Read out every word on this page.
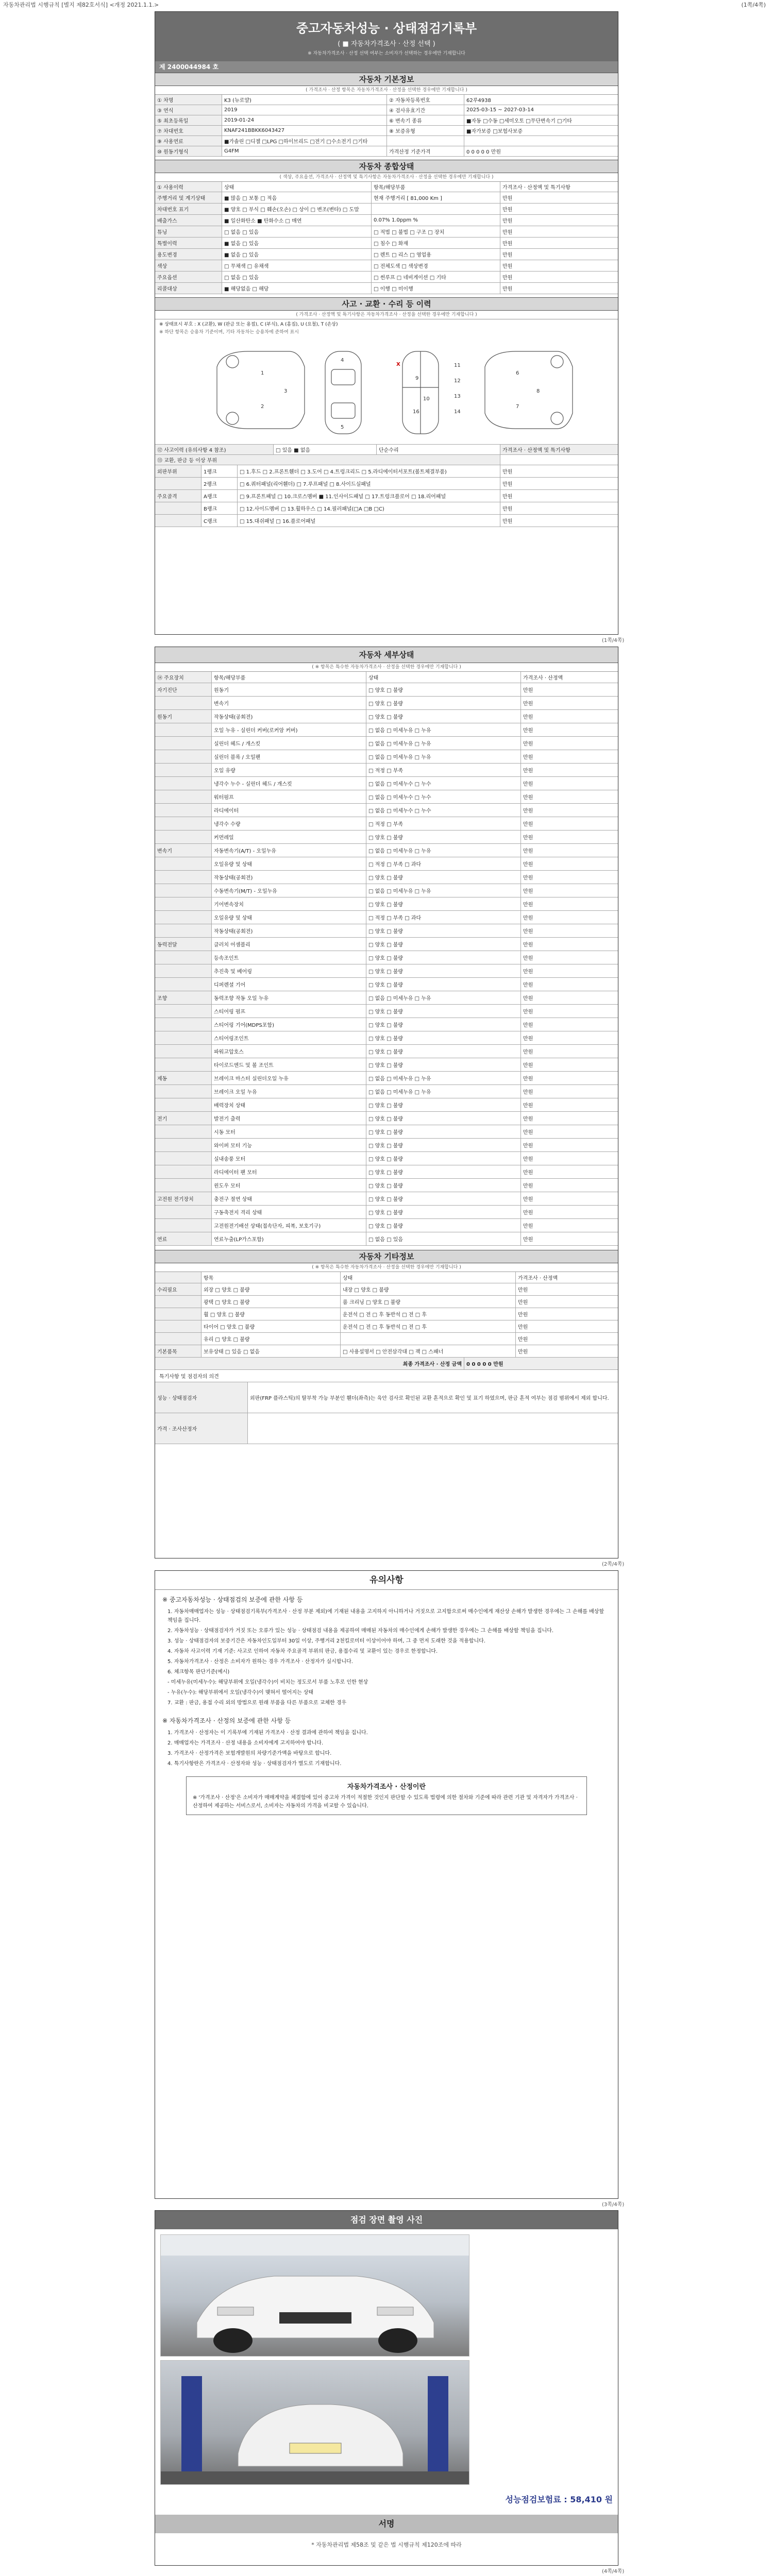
자동차관리법 시행규칙 [별지 제82호서식] <개정 2021.1.1.>	(1쪽/4쪽)
중고자동차성능 · 상태점검기록부
( ■ 자동차가격조사 · 산정 선택 )
※ 자동차가격조사 · 산정 선택 여부는 소비자가 선택하는 경우에만 기재합니다
제 2400044984 호
자동차 기본정보
( 가격조사 · 산정 항목은 자동차가격조사 · 산정을 선택한 경우에만 기재합니다 )
① 차명	K3 (뉴로얄)	② 자동차등록번호	62루4938
③ 연식	2019	④ 검사유효기간	2025-03-15 ~ 2027-03-14
⑤ 최초등록일	2019-01-24	⑥ 변속기 종류	■자동 □수동 □세미오토 □무단변속기 □기타
⑦ 차대번호	KNAF241BBKK6043427	⑧ 보증유형	■자가보증 □보험사보증
⑨ 사용연료	■가솔린 □디젤 □LPG □하이브리드 □전기 □수소전기 □기타
⑩ 원동기형식	G4FM	가격산정 기준가격	0 0 0 0 0 만원
자동차 종합상태
( 색상, 주요옵션, 가격조사 · 산정액 및 특기사항은 자동차가격조사 · 산정을 선택한 경우에만 기재합니다 )
① 사용이력	상태	항목/해당부품	가격조사 · 산정액 및 특기사항
주행거리 및 계기상태	■ 많음 □ 보통 □ 적음	현재 주행거리 [ 81,000 Km ]	만원
차대번호 표기	■ 양호 □ 부식 □ 훼손(오손) □ 상이 □ 변조(변타) □ 도말	만원
배출가스	■ 일산화탄소 ■ 탄화수소 □ 매연	0.07% 1.0ppm %	만원
튜닝	□ 없음 □ 있음	□ 적법 □ 불법 □ 구조 □ 장치	만원
특별이력	■ 없음 □ 있음	□ 침수 □ 화재	만원
용도변경	■ 없음 □ 있음	□ 렌트 □ 리스 □ 영업용	만원
색상	□ 무채색 □ 유채색	□ 전체도색 □ 색상변경	만원
주요옵션	□ 없음 □ 있음	□ 썬루프 □ 네비게이션 □ 기타	만원
리콜대상	■ 해당없음 □ 해당	□ 이행 □ 미이행	만원
사고 · 교환 · 수리 등 이력
( 가격조사 · 산정액 및 특기사항은 자동차가격조사 · 산정을 선택한 경우에만 기재합니다 )
※ 상태표시 부호 : X (교환), W (판금 또는 용접), C (부식), A (흠집), U (요철), T (손상)
※ 하단 항목은 승용차 기준이며, 기타 자동차는 승용차에 준하여 표시
1
2
3
4
5
9
10
16
6
7
8
11
12
13
14
X
⑫ 사고이력 (유의사항 4 참조)	□ 있음 ■ 없음	단순수리	가격조사 · 산정액 및 특기사항
⑬ 교환, 판금 등 이상 부위
외판부위	1랭크	□ 1.후드 □ 2.프론트휀더 □ 3.도어 □ 4.트렁크리드 □ 5.라디에이터서포트(볼트체결부품)	만원
2랭크	□ 6.쿼터패널(리어휀더) □ 7.루프패널 □ 8.사이드실패널	만원
주요골격	A랭크	□ 9.프론트패널 □ 10.크로스멤버 ■ 11.인사이드패널 □ 17.트렁크플로어 □ 18.리어패널	만원
B랭크	□ 12.사이드멤버 □ 13.휠하우스 □ 14.필러패널(□A □B □C)	만원
C랭크	□ 15.대쉬패널 □ 16.플로어패널	만원
(1쪽/4쪽)
자동차 세부상태
( ※ 항목은 특수한 자동차가격조사 · 산정을 선택한 경우에만 기재합니다 )
⑭ 주요장치	항목/해당부품	상태	가격조사 · 산정액
자기진단	원동기	□ 양호 □ 불량	만원
변속기	□ 양호 □ 불량	만원
원동기	작동상태(공회전)	□ 양호 □ 불량	만원
오일 누유 - 실린더 커버(로커암 커버)	□ 없음 □ 미세누유 □ 누유	만원
실린더 헤드 / 개스킷	□ 없음 □ 미세누유 □ 누유	만원
실린더 블록 / 오일팬	□ 없음 □ 미세누유 □ 누유	만원
오일 유량	□ 적정 □ 부족	만원
냉각수 누수 - 실린더 헤드 / 개스킷	□ 없음 □ 미세누수 □ 누수	만원
워터펌프	□ 없음 □ 미세누수 □ 누수	만원
라디에이터	□ 없음 □ 미세누수 □ 누수	만원
냉각수 수량	□ 적정 □ 부족	만원
커먼레일	□ 양호 □ 불량	만원
변속기	자동변속기(A/T) - 오일누유	□ 없음 □ 미세누유 □ 누유	만원
오일유량 및 상태	□ 적정 □ 부족 □ 과다	만원
작동상태(공회전)	□ 양호 □ 불량	만원
수동변속기(M/T) - 오일누유	□ 없음 □ 미세누유 □ 누유	만원
기어변속장치	□ 양호 □ 불량	만원
오일유량 및 상태	□ 적정 □ 부족 □ 과다	만원
작동상태(공회전)	□ 양호 □ 불량	만원
동력전달	클러치 어셈블리	□ 양호 □ 불량	만원
등속조인트	□ 양호 □ 불량	만원
추진축 및 베어링	□ 양호 □ 불량	만원
디퍼렌셜 기어	□ 양호 □ 불량	만원
조향	동력조향 작동 오일 누유	□ 없음 □ 미세누유 □ 누유	만원
스티어링 펌프	□ 양호 □ 불량	만원
스티어링 기어(MDPS포함)	□ 양호 □ 불량	만원
스티어링조인트	□ 양호 □ 불량	만원
파워고압호스	□ 양호 □ 불량	만원
타이로드엔드 및 볼 조인트	□ 양호 □ 불량	만원
제동	브레이크 마스터 실린더오일 누유	□ 없음 □ 미세누유 □ 누유	만원
브레이크 오일 누유	□ 없음 □ 미세누유 □ 누유	만원
배력장치 상태	□ 양호 □ 불량	만원
전기	발전기 출력	□ 양호 □ 불량	만원
시동 모터	□ 양호 □ 불량	만원
와이퍼 모터 기능	□ 양호 □ 불량	만원
실내송풍 모터	□ 양호 □ 불량	만원
라디에이터 팬 모터	□ 양호 □ 불량	만원
윈도우 모터	□ 양호 □ 불량	만원
고전원 전기장치	충전구 절연 상태	□ 양호 □ 불량	만원
구동축전지 격리 상태	□ 양호 □ 불량	만원
고전원전기배선 상태(접속단자, 피복, 보호기구)	□ 양호 □ 불량	만원
연료	연료누출(LP가스포함)	□ 없음 □ 있음	만원
자동차 기타정보
( ※ 항목은 특수한 자동차가격조사 · 산정을 선택한 경우에만 기재합니다 )
항목	상태	가격조사 · 산정액
수리필요	외장 □ 양호 □ 불량	내장 □ 양호 □ 불량	만원
광택 □ 양호 □ 불량	룸 크리닝 □ 양호 □ 불량	만원
휠 □ 양호 □ 불량	운전석 □ 전 □ 후 동반석 □ 전 □ 후	만원
타이어 □ 양호 □ 불량	운전석 □ 전 □ 후 동반석 □ 전 □ 후	만원
유리 □ 양호 □ 불량	만원
기본품목	보유상태 □ 있음 □ 없음	□ 사용설명서 □ 안전삼각대 □ 잭 □ 스패너	만원
최종 가격조사 · 산정 금액 0 0 0 0 0 만원
특기사항 및 점검자의 의견
성능 · 상태점검자	외판(FRP 플라스틱)의 탈부착 가능 부분인 휀더(좌측)는 육안 검사로 확인된 교환 흔적으로 확인 및 표기 하였으며, 판금 흔적 여부는 점검 범위에서 제외 합니다.
가격 · 조사산정자
(2쪽/4쪽)
유의사항
※ 중고자동차성능 · 상태점검의 보증에 관한 사항 등
1. 자동차매매업자는 성능 · 상태점검기록부(가격조사 · 산정 부분 제외)에 기재된 내용을 고지하지 아니하거나 거짓으로 고지함으로써 매수인에게 재산상 손해가 발생한 경우에는 그 손해를 배상할 책임을 집니다.
2. 자동차성능 · 상태점검자가 거짓 또는 오류가 있는 성능 · 상태점검 내용을 제공하여 매매된 자동차의 매수인에게 손해가 발생한 경우에는 그 손해를 배상할 책임을 집니다.
3. 성능 · 상태점검자의 보증기간은 자동차인도일부터 30일 이상, 주행거리 2천킬로미터 이상이어야 하며, 그 중 먼저 도래한 것을 적용합니다.
4. 자동차 사고이력 기재 기준: 사고로 인하여 자동차 주요골격 부위의 판금, 용접수리 및 교환이 있는 경우로 한정합니다.
5. 자동차가격조사 · 산정은 소비자가 원하는 경우 가격조사 · 산정자가 실시합니다.
6. 체크항목 판단기준(예시)
- 미세누유(미세누수): 해당부위에 오일(냉각수)이 비치는 정도로서 부품 노후로 인한 현상
- 누유(누수): 해당부위에서 오일(냉각수)이 맺혀서 떨어지는 상태
7. 교환 : 판금, 용접 수리 외의 방법으로 원래 부품을 다른 부품으로 교체한 경우
※ 자동차가격조사 · 산정의 보증에 관한 사항 등
1. 가격조사 · 산정자는 이 기록부에 기재된 가격조사 · 산정 결과에 관하여 책임을 집니다.
2. 매매업자는 가격조사 · 산정 내용을 소비자에게 고지하여야 합니다.
3. 가격조사 · 산정가격은 보험개발원의 차량기준가액을 바탕으로 합니다.
4. 특기사항란은 가격조사 · 산정자와 성능 · 상태점검자가 별도로 기재합니다.
자동차가격조사 · 산정이란
※ '가격조사 · 산정'은 소비자가 매매계약을 체결함에 있어 중고차 가격이 적절한 것인지 판단할 수 있도록 법령에 의한 절차와 기준에 따라 관련 기관 및 자격자가 가격조사 · 산정하여 제공하는 서비스로서, 소비자는 자동차의 가격을 비교할 수 있습니다.
(3쪽/4쪽)
점검 장면 촬영 사진
성능점검보험료 : 58,410 원
서명
* 자동차관리법 제58조 및 같은 법 시행규칙 제120조에 따라
(4쪽/4쪽)
